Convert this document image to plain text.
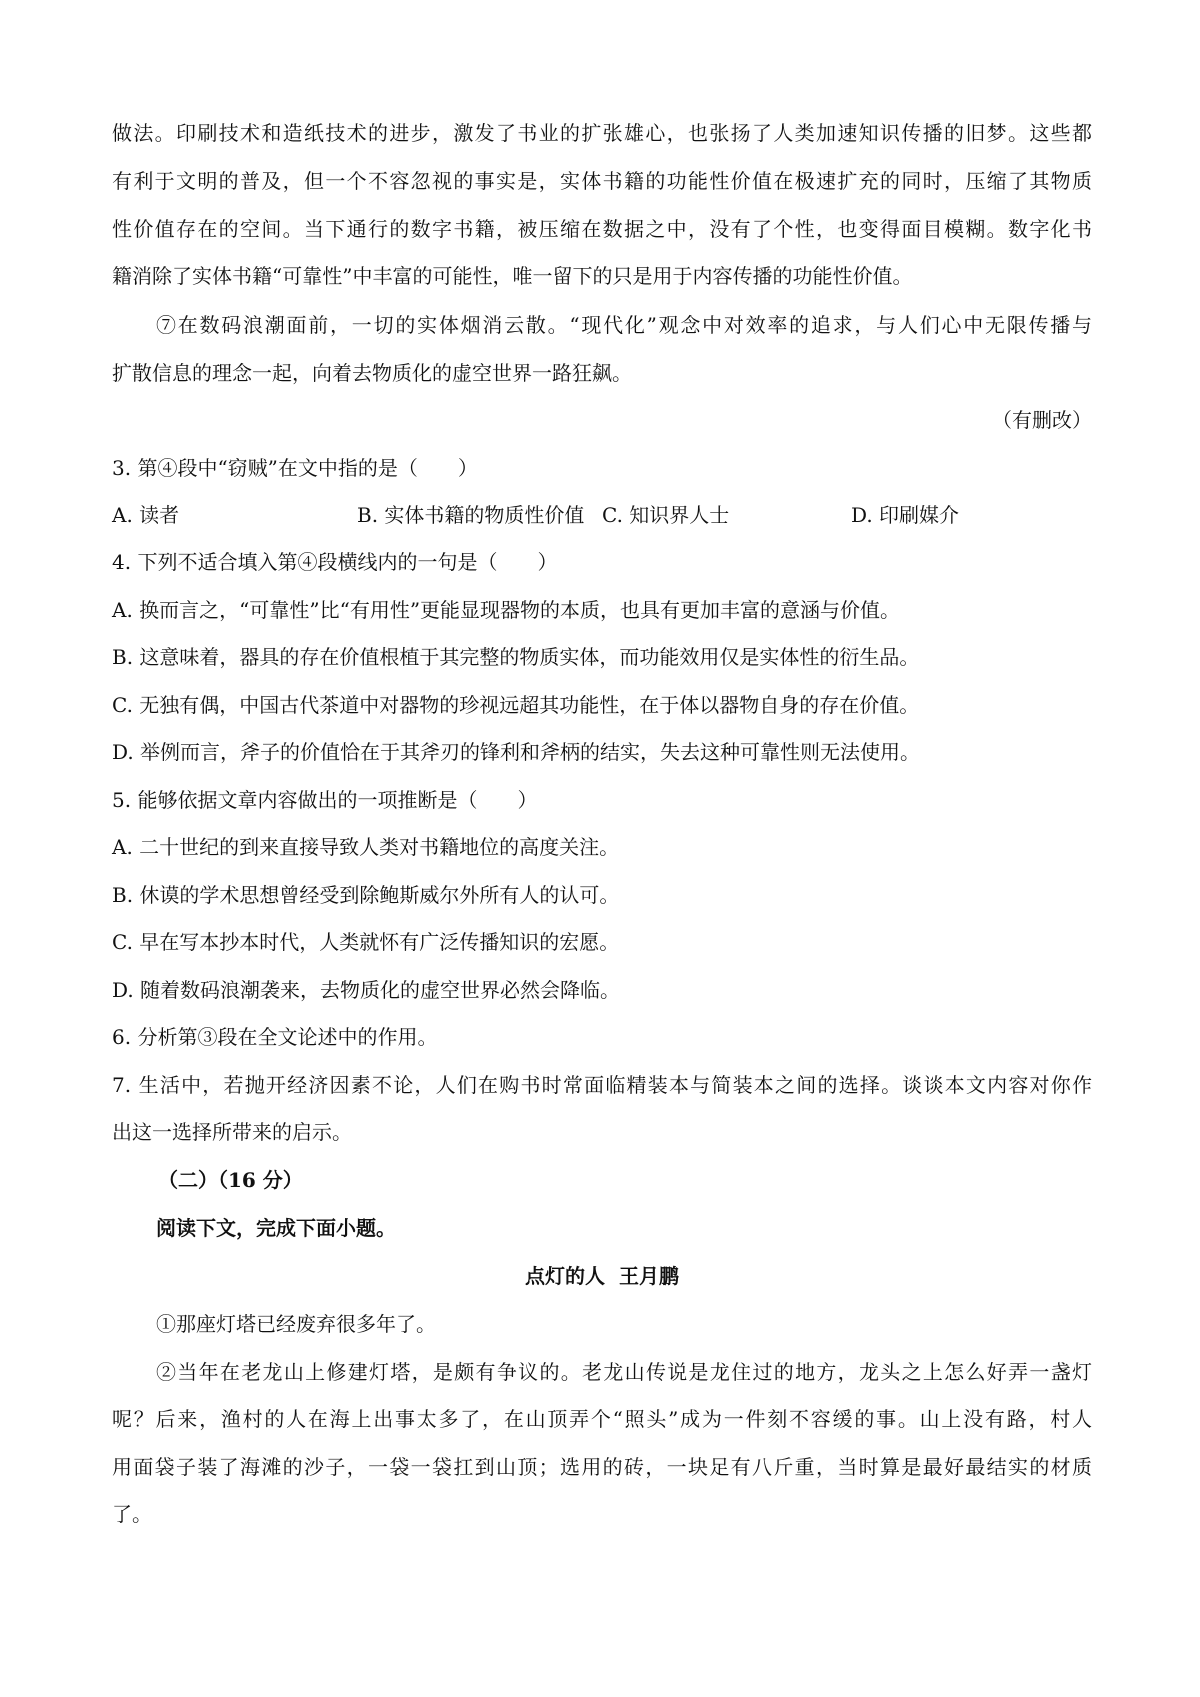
做法。印刷技术和造纸技术的进步，激发了书业的扩张雄心，也张扬了人类加速知识传播的旧梦。这些都
有利于文明的普及，但一个不容忽视的事实是，实体书籍的功能性价值在极速扩充的同时，压缩了其物质
性价值存在的空间。当下通行的数字书籍，被压缩在数据之中，没有了个性，也变得面目模糊。数字化书
籍消除了实体书籍“可靠性”中丰富的可能性，唯一留下的只是用于内容传播的功能性价值。
⑦在数码浪潮面前，一切的实体烟消云散。“现代化”观念中对效率的追求，与人们心中无限传播与
扩散信息的理念一起，向着去物质化的虚空世界一路狂飙。
（有删改）
3. 第④段中“窃贼”在文中指的是（　　）
A. 读者	B. 实体书籍的物质性价值 C. 知识界人士	D. 印刷媒介
4. 下列不适合填入第④段横线内的一句是（　　）
A. 换而言之，“可靠性”比“有用性”更能显现器物的本质，也具有更加丰富的意涵与价值。
B. 这意味着，器具的存在价值根植于其完整的物质实体，而功能效用仅是实体性的衍生品。
C. 无独有偶，中国古代茶道中对器物的珍视远超其功能性，在于体以器物自身的存在价值。
D. 举例而言，斧子的价值恰在于其斧刃的锋利和斧柄的结实，失去这种可靠性则无法使用。
5. 能够依据文章内容做出的一项推断是（　　）
A. 二十世纪的到来直接导致人类对书籍地位的高度关注。
B. 休谟的学术思想曾经受到除鲍斯威尔外所有人的认可。
C. 早在写本抄本时代，人类就怀有广泛传播知识的宏愿。
D. 随着数码浪潮袭来，去物质化的虚空世界必然会降临。
6. 分析第③段在全文论述中的作用。
7. 生活中，若抛开经济因素不论，人们在购书时常面临精装本与简装本之间的选择。谈谈本文内容对你作
出这一选择所带来的启示。
（二）（16 分）
阅读下文，完成下面小题。
点灯的人  王月鹏
①那座灯塔已经废弃很多年了。
②当年在老龙山上修建灯塔，是颇有争议的。老龙山传说是龙住过的地方，龙头之上怎么好弄一盏灯
呢？后来，渔村的人在海上出事太多了，在山顶弄个“照头”成为一件刻不容缓的事。山上没有路，村人
用面袋子装了海滩的沙子，一袋一袋扛到山顶；选用的砖，一块足有八斤重，当时算是最好最结实的材质
了。
